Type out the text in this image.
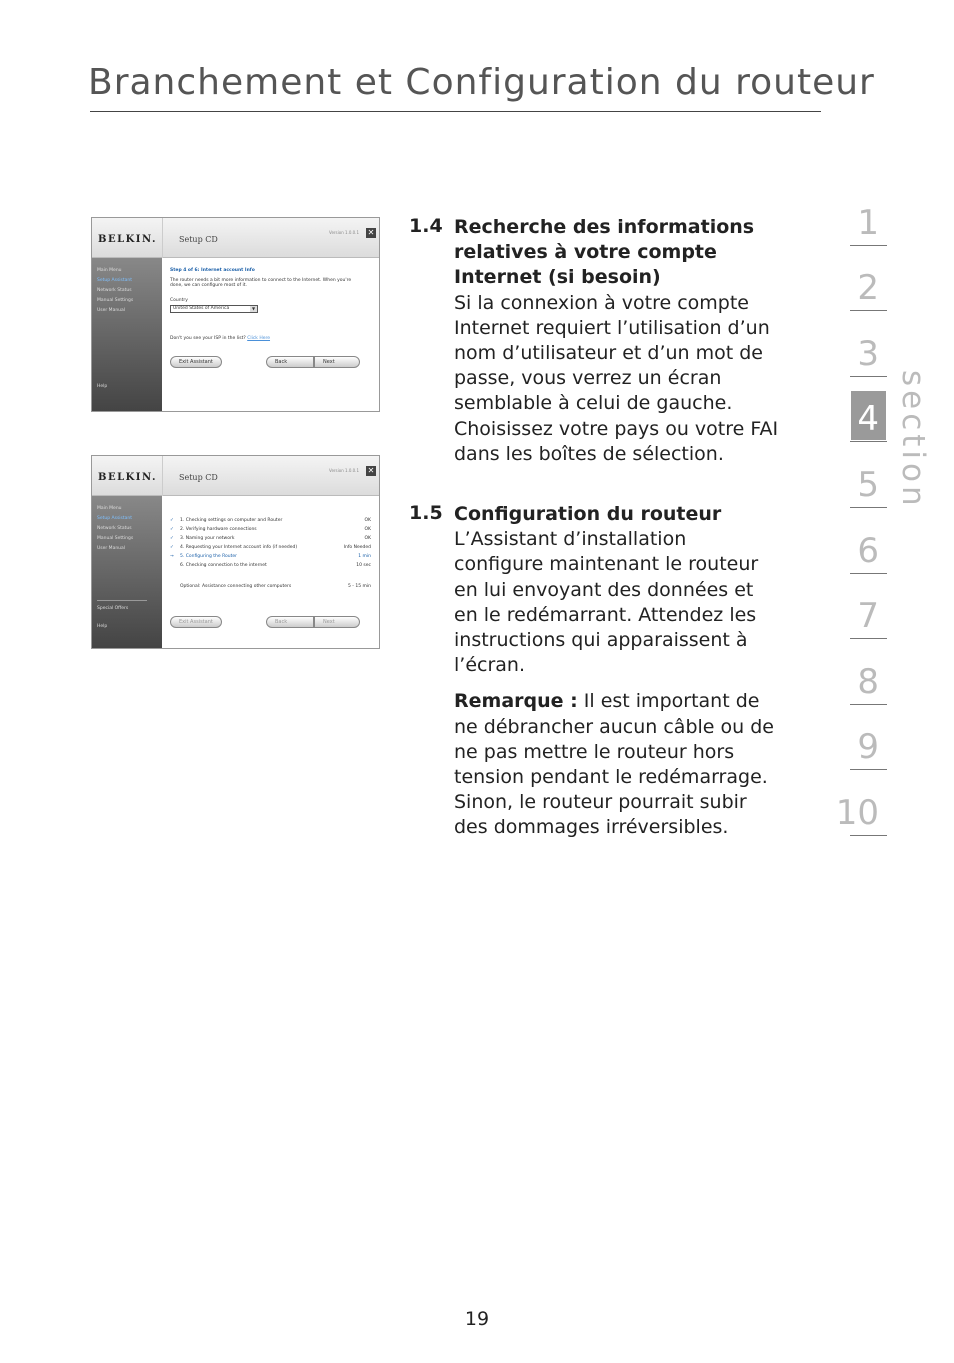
Branchement et Configuration du routeur
1
2
3
4
5
6
7
8
9
10
section
BELKIN.	Setup CD
Version 1.0.0.1 ✕
Main Menu
Setup Assistant
Network Status
Manual Settings
User Manual
Help
Step 4 of 6: Internet account Info
The router needs a bit more information to connect to the Internet. When you're done, we can configure most of it.
Country
United States of America	▼
Don't you see your ISP in the list? Click Here
Exit Assistant	Back	Next
BELKIN.	Setup CD
Version 1.0.0.1 ✕
Main Menu
Setup Assistant
Network Status
Manual Settings
User Manual
Special Offers
Help
✓	1. Checking settings on computer and Router	OK
✓	2. Verifying hardware connections	OK
✓	3. Naming your network	OK
✓	4. Requesting your Internet account info (if needed)	Info Needed
→	5. Configuring the Router	1 min
6. Checking connection to the internet	10 sec
Optional: Assistance connecting other computers	5 - 15 min
Exit Assistant	Back	Next
1.4 Recherche des informations relatives à votre compte Internet (si besoin)
Si la connexion à votre compte Internet requiert l’utilisation d’un nom d’utilisateur et d’un mot de passe, vous verrez un écran semblable à celui de gauche. Choisissez votre pays ou votre FAI dans les boîtes de sélection.
1.5 Configuration du routeur
L’Assistant d’installation configure maintenant le routeur en lui envoyant des données et en le redémarrant. Attendez les instructions qui apparaissent à l’écran.
Remarque : Il est important de ne débrancher aucun câble ou de ne pas mettre le routeur hors tension pendant le redémarrage. Sinon, le routeur pourrait subir des dommages irréversibles.
19
